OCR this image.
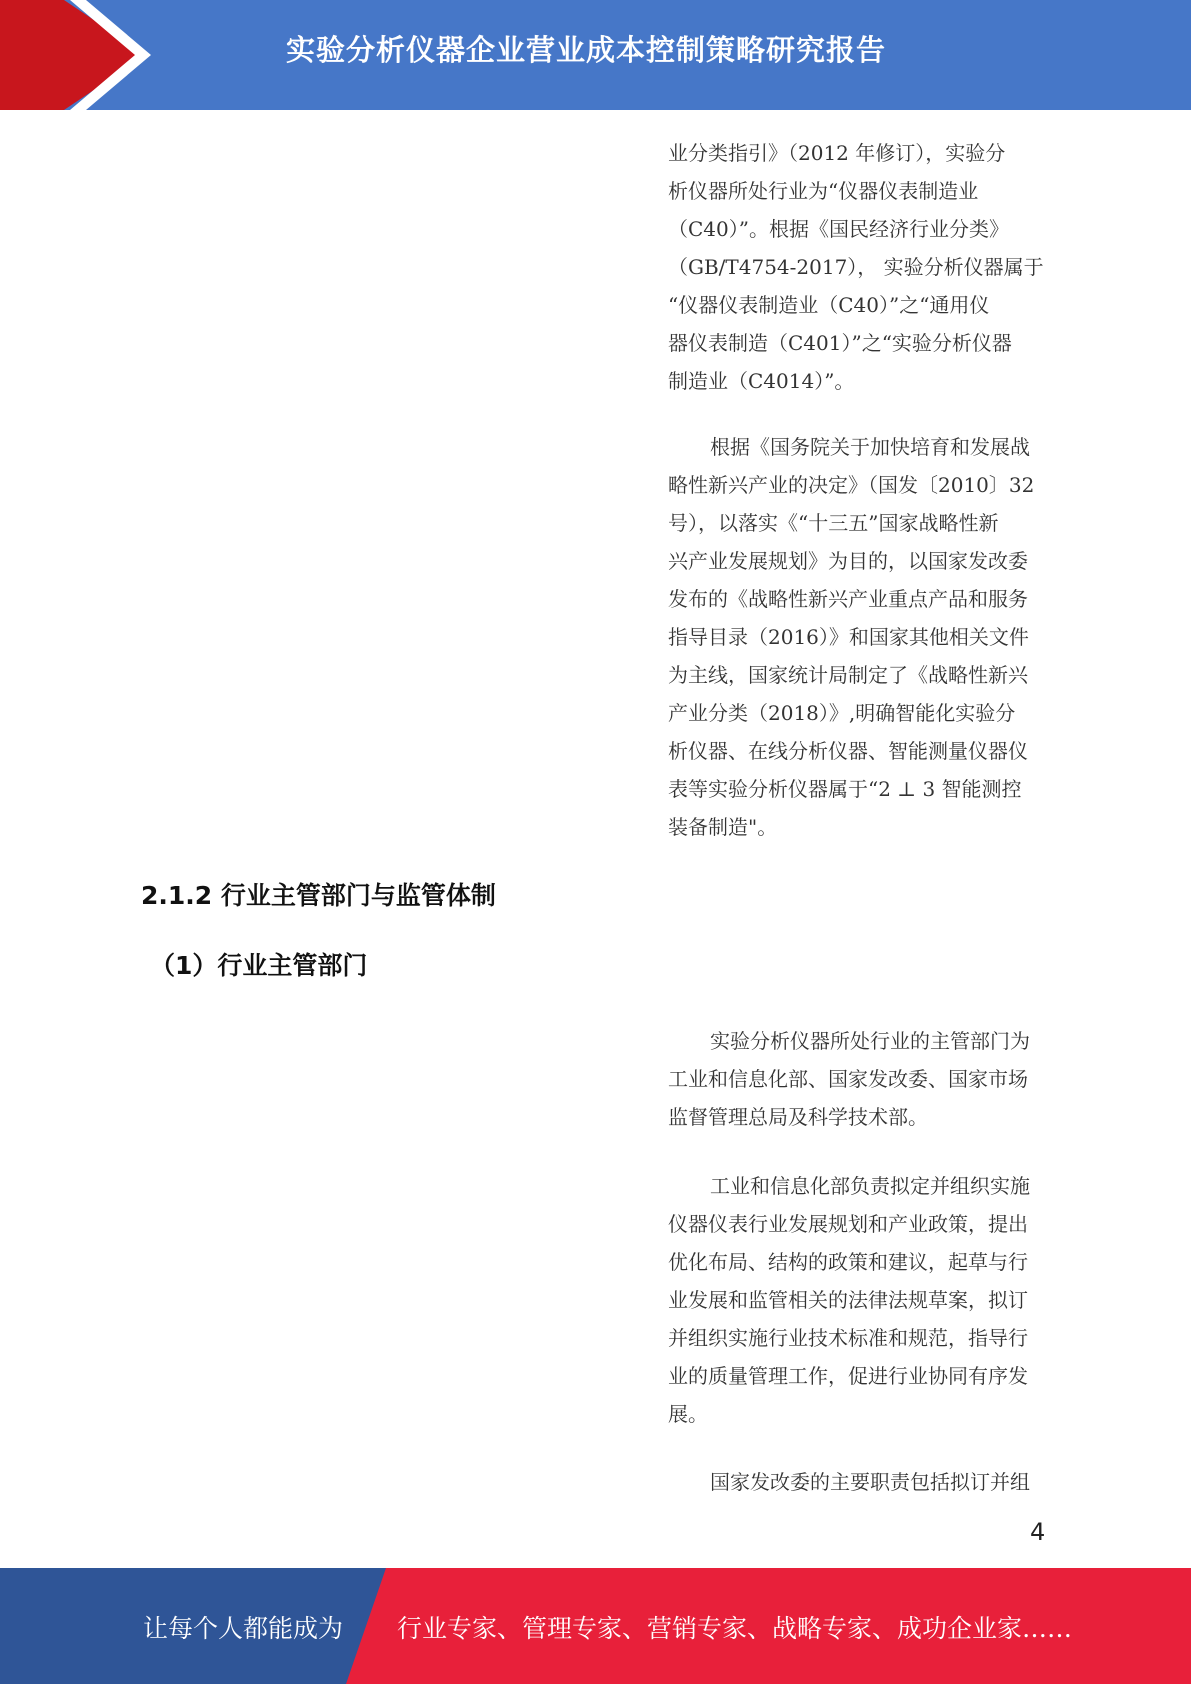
实验分析仪器企业营业成本控制策略研究报告

业分类指引》（2012 年修订），实验分
析仪器所处行业为“仪器仪表制造业
（C40）”。根据《国民经济行业分类》
（GB/T4754-2017）， 实验分析仪器属于
“仪器仪表制造业（C40）”之“通用仪
器仪表制造（C401）”之“实验分析仪器
制造业（C4014）”。

根据《国务院关于加快培育和发展战
略性新兴产业的决定》（国发〔2010〕32
号），以落实《“十三五”国家战略性新
兴产业发展规划》为目的，以国家发改委
发布的《战略性新兴产业重点产品和服务
指导目录（2016）》和国家其他相关文件
为主线，国家统计局制定了《战略性新兴
产业分类（2018）》,明确智能化实验分
析仪器、在线分析仪器、智能测量仪器仪
表等实验分析仪器属于“2 ⊥ 3 智能测控
装备制造"。

2.1.2 行业主管部门与监管体制
（1）行业主管部门

实验分析仪器所处行业的主管部门为
工业和信息化部、国家发改委、国家市场
监督管理总局及科学技术部。

工业和信息化部负责拟定并组织实施
仪器仪表行业发展规划和产业政策，提出
优化布局、结构的政策和建议，起草与行
业发展和监管相关的法律法规草案，拟订
并组织实施行业技术标准和规范，指导行
业的质量管理工作，促进行业协同有序发
展。

国家发改委的主要职责包括拟订并组

4
让每个人都能成为 行业专家、管理专家、营销专家、战略专家、成功企业家……
